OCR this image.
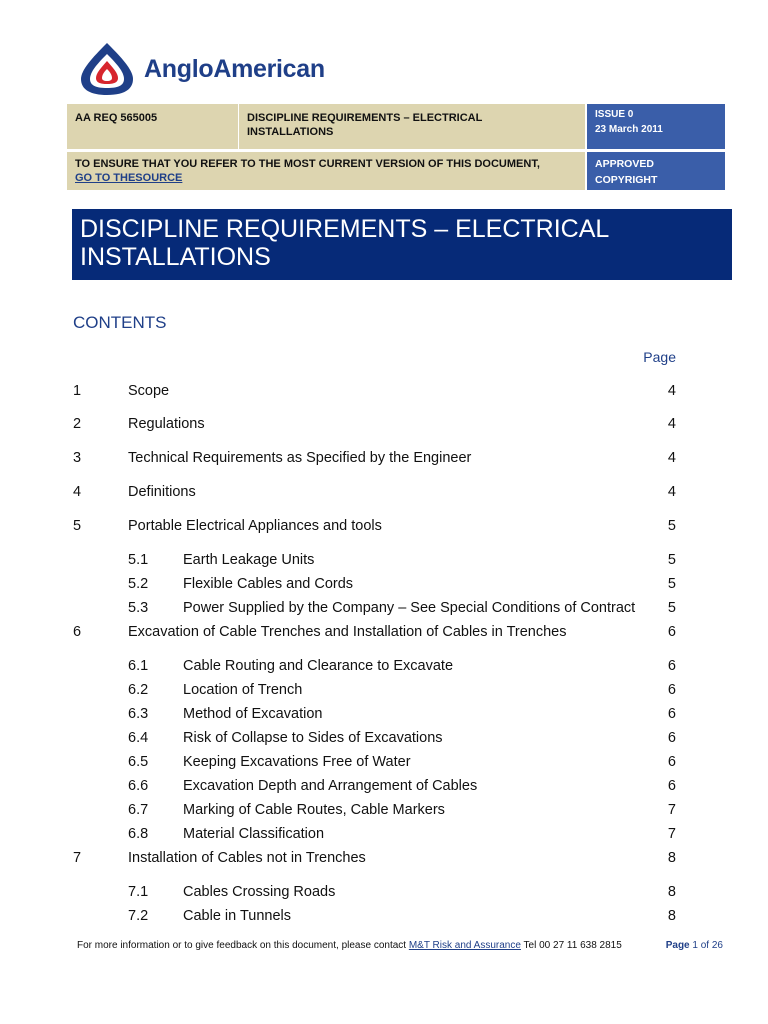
AngloAmerican
AA REQ 565005	DISCIPLINE REQUIREMENTS – ELECTRICAL INSTALLATIONS
ISSUE 0
23 March 2011
TO ENSURE THAT YOU REFER TO THE MOST CURRENT VERSION OF THIS DOCUMENT,
GO TO THESOURCE
APPROVED
COPYRIGHT
DISCIPLINE REQUIREMENTS – ELECTRICAL
INSTALLATIONS
CONTENTS
Page
1	Scope	4
2	Regulations	4
3	Technical Requirements as Specified by the Engineer	4
4	Definitions	4
5	Portable Electrical Appliances and tools	5
5.1 Earth Leakage Units	5
5.2 Flexible Cables and Cords	5
5.3 Power Supplied by the Company – See Special Conditions of Contract 5
6	Excavation of Cable Trenches and Installation of Cables in Trenches	6
6.1 Cable Routing and Clearance to Excavate	6
6.2 Location of Trench	6
6.3 Method of Excavation	6
6.4 Risk of Collapse to Sides of Excavations	6
6.5 Keeping Excavations Free of Water	6
6.6 Excavation Depth and Arrangement of Cables	6
6.7 Marking of Cable Routes, Cable Markers	7
6.8 Material Classification	7
7	Installation of Cables not in Trenches	8
7.1 Cables Crossing Roads	8
7.2 Cable in Tunnels	8
For more information or to give feedback on this document, please contact M&T Risk and Assurance Tel 00 27 11 638 2815	Page 1 of 26
